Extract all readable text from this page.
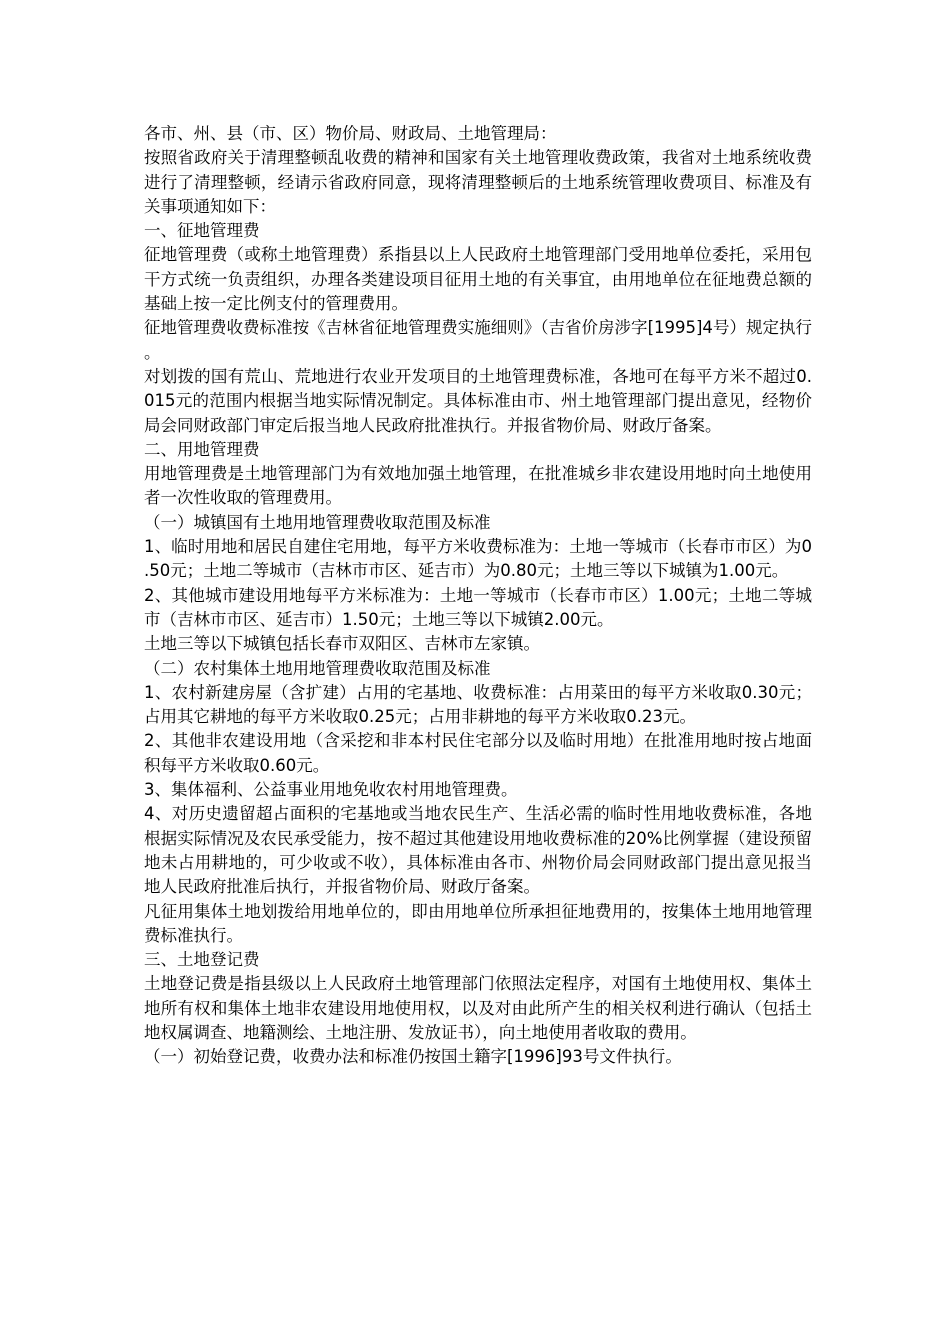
各市、州、县（市、区）物价局、财政局、土地管理局：

按照省政府关于清理整顿乱收费的精神和国家有关土地管理收费政策，我省对土地系统收费进行了清理整顿，经请示省政府同意，现将清理整顿后的土地系统管理收费项目、标准及有关事项通知如下：

一、征地管理费

征地管理费（或称土地管理费）系指县以上人民政府土地管理部门受用地单位委托，采用包干方式统一负责组织，办理各类建设项目征用土地的有关事宜，由用地单位在征地费总额的基础上按一定比例支付的管理费用。

征地管理费收费标准按《吉林省征地管理费实施细则》（吉省价房涉字[1995]4号）规定执行。

对划拨的国有荒山、荒地进行农业开发项目的土地管理费标准，各地可在每平方米不超过0.015元的范围内根据当地实际情况制定。具体标准由市、州土地管理部门提出意见，经物价局会同财政部门审定后报当地人民政府批准执行。并报省物价局、财政厅备案。

二、用地管理费

用地管理费是土地管理部门为有效地加强土地管理，在批准城乡非农建设用地时向土地使用者一次性收取的管理费用。

（一）城镇国有土地用地管理费收取范围及标准

1、临时用地和居民自建住宅用地，每平方米收费标准为：土地一等城市（长春市市区）为0.50元；土地二等城市（吉林市市区、延吉市）为0.80元；土地三等以下城镇为1.00元。

2、其他城市建设用地每平方米标准为：土地一等城市（长春市市区）1.00元；土地二等城市（吉林市市区、延吉市）1.50元；土地三等以下城镇2.00元。

土地三等以下城镇包括长春市双阳区、吉林市左家镇。

（二）农村集体土地用地管理费收取范围及标准

1、农村新建房屋（含扩建）占用的宅基地、收费标准：占用菜田的每平方米收取0.30元；占用其它耕地的每平方米收取0.25元；占用非耕地的每平方米收取0.23元。

2、其他非农建设用地（含采挖和非本村民住宅部分以及临时用地）在批准用地时按占地面积每平方米收取0.60元。

3、集体福利、公益事业用地免收农村用地管理费。

4、对历史遗留超占面积的宅基地或当地农民生产、生活必需的临时性用地收费标准，各地根据实际情况及农民承受能力，按不超过其他建设用地收费标准的20%比例掌握（建设预留地未占用耕地的，可少收或不收），具体标准由各市、州物价局会同财政部门提出意见报当地人民政府批准后执行，并报省物价局、财政厅备案。

凡征用集体土地划拨给用地单位的，即由用地单位所承担征地费用的，按集体土地用地管理费标准执行。

三、土地登记费

土地登记费是指县级以上人民政府土地管理部门依照法定程序，对国有土地使用权、集体土地所有权和集体土地非农建设用地使用权，以及对由此所产生的相关权利进行确认（包括土地权属调查、地籍测绘、土地注册、发放证书），向土地使用者收取的费用。

（一）初始登记费，收费办法和标准仍按国土籍字[1996]93号文件执行。
